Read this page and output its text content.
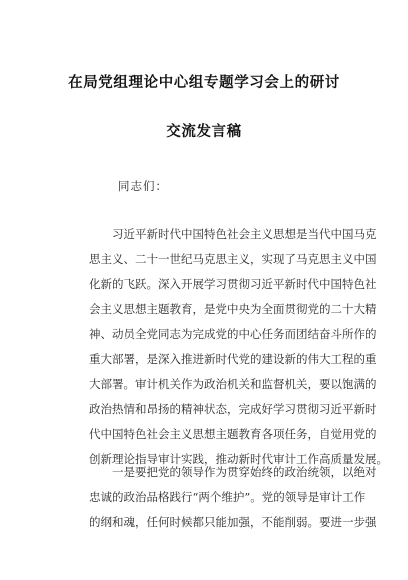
在局党组理论中心组专题学习会上的研讨
交流发言稿
同志们：
习近平新时代中国特色社会主义思想是当代中国马克
思主义、二十一世纪马克思主义，实现了马克思主义中国
化新的飞跃。深入开展学习贯彻习近平新时代中国特色社
会主义思想主题教育，是党中央为全面贯彻党的二十大精
神、动员全党同志为完成党的中心任务而团结奋斗所作的
重大部署，是深入推进新时代党的建设新的伟大工程的重
大部署。审计机关作为政治机关和监督机关，要以饱满的
政治热情和昂扬的精神状态，完成好学习贯彻习近平新时
代中国特色社会主义思想主题教育各项任务，自觉用党的
创新理论指导审计实践，推动新时代审计工作高质量发展。
一是要把党的领导作为贯穿始终的政治统领，以绝对
忠诚的政治品格践行“两个维护”。党的领导是审计工作
的纲和魂，任何时候都只能加强，不能削弱。要进一步强
